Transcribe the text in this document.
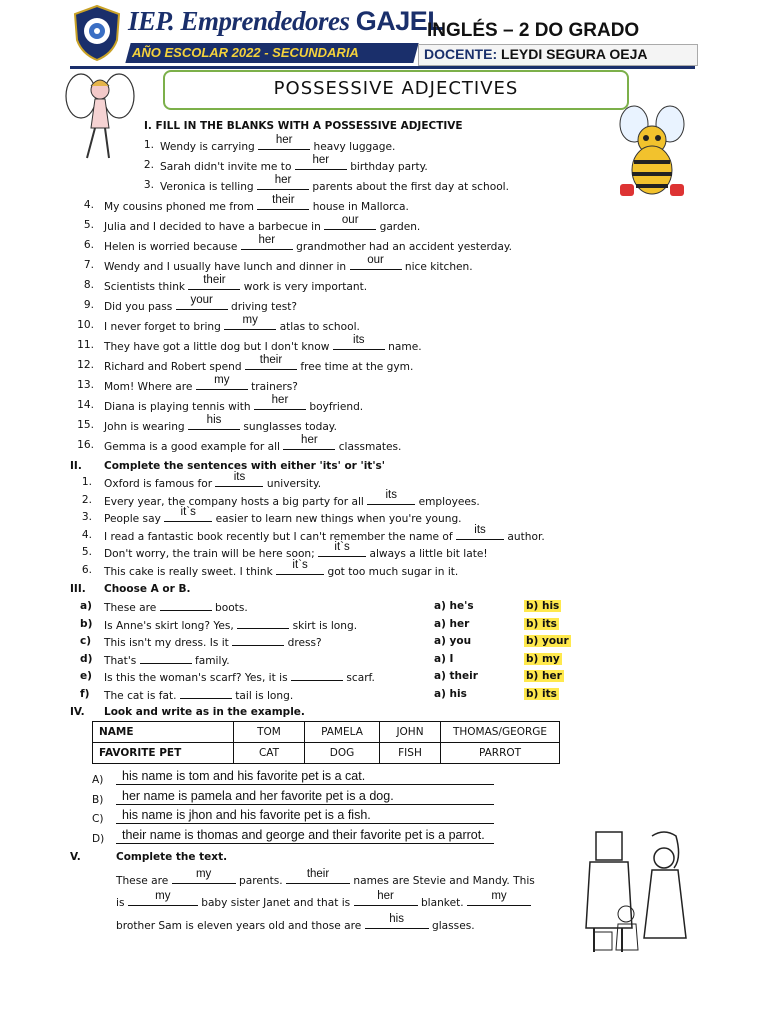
IEP. Emprendedores GAJEL
AÑO ESCOLAR 2022 - SECUNDARIA
INGLÉS – 2 DO GRADO
DOCENTE: LEYDI SEGURA OEJA
POSSESSIVE ADJECTIVES
I. FILL IN THE BLANKS WITH A POSSESSIVE ADJECTIVE
1. Wendy is carrying
her
heavy luggage.
2. Sarah didn't invite me to
her
birthday party.
3. Veronica is telling
her
parents about the first day at school.
4. My cousins phoned me from
their
house in Mallorca.
5. Julia and I decided to have a barbecue in
our
garden.
6. Helen is worried because
her
grandmother had an accident yesterday.
7. Wendy and I usually have lunch and dinner in
our
nice kitchen.
8. Scientists think
their
work is very important.
9. Did you pass
your
driving test?
10. I never forget to bring
my
atlas to school.
11. They have got a little dog but I don't know
its
name.
12. Richard and Robert spend
their
free time at the gym.
13. Mom! Where are
my
trainers?
14. Diana is playing tennis with
her
boyfriend.
15. John is wearing
his
sunglasses today.
16. Gemma is a good example for all
her
classmates.
II. Complete the sentences with either 'its' or 'it's'
1. Oxford is famous for
its
university.
2. Every year, the company hosts a big party for all
its
employees.
3. People say
it`s
easier to learn new things when you're young.
4. I read a fantastic book recently but I can't remember the name of
its
author.
5. Don't worry, the train will be here soon;
it`s
always a little bit late!
6. This cake is really sweet. I think
it`s
got too much sugar in it.
III. Choose A or B.
a) These are	boots.	a) he's	b) his
b) Is Anne's skirt long? Yes,	skirt is long.	a) her	b) its
c) This isn't my dress. Is it	dress?	a) you	b) your
d) That's	family.	a) I	b) my
e) Is this the woman's scarf? Yes, it is	scarf.	a) their	b) her
f) The cat is fat.	tail is long.	a) his	b) its
IV. Look and write as in the example.
NAME	TOM	PAMELA	JOHN	THOMAS/GEORGE
FAVORITE PET	CAT	DOG	FISH	PARROT
A) his name is tom and his favorite pet is a cat.
B) her name is pamela and her favorite pet is a dog.
C) his name is jhon and his favorite pet is a fish.
D) their name is thomas and george and their favorite pet is a parrot.
V.	Complete the text.
These are
my
parents.
their
names are Stevie and Mandy. This
is
my
baby sister Janet and that is
her
blanket.
my
brother Sam is eleven years old and those are
his
glasses.
